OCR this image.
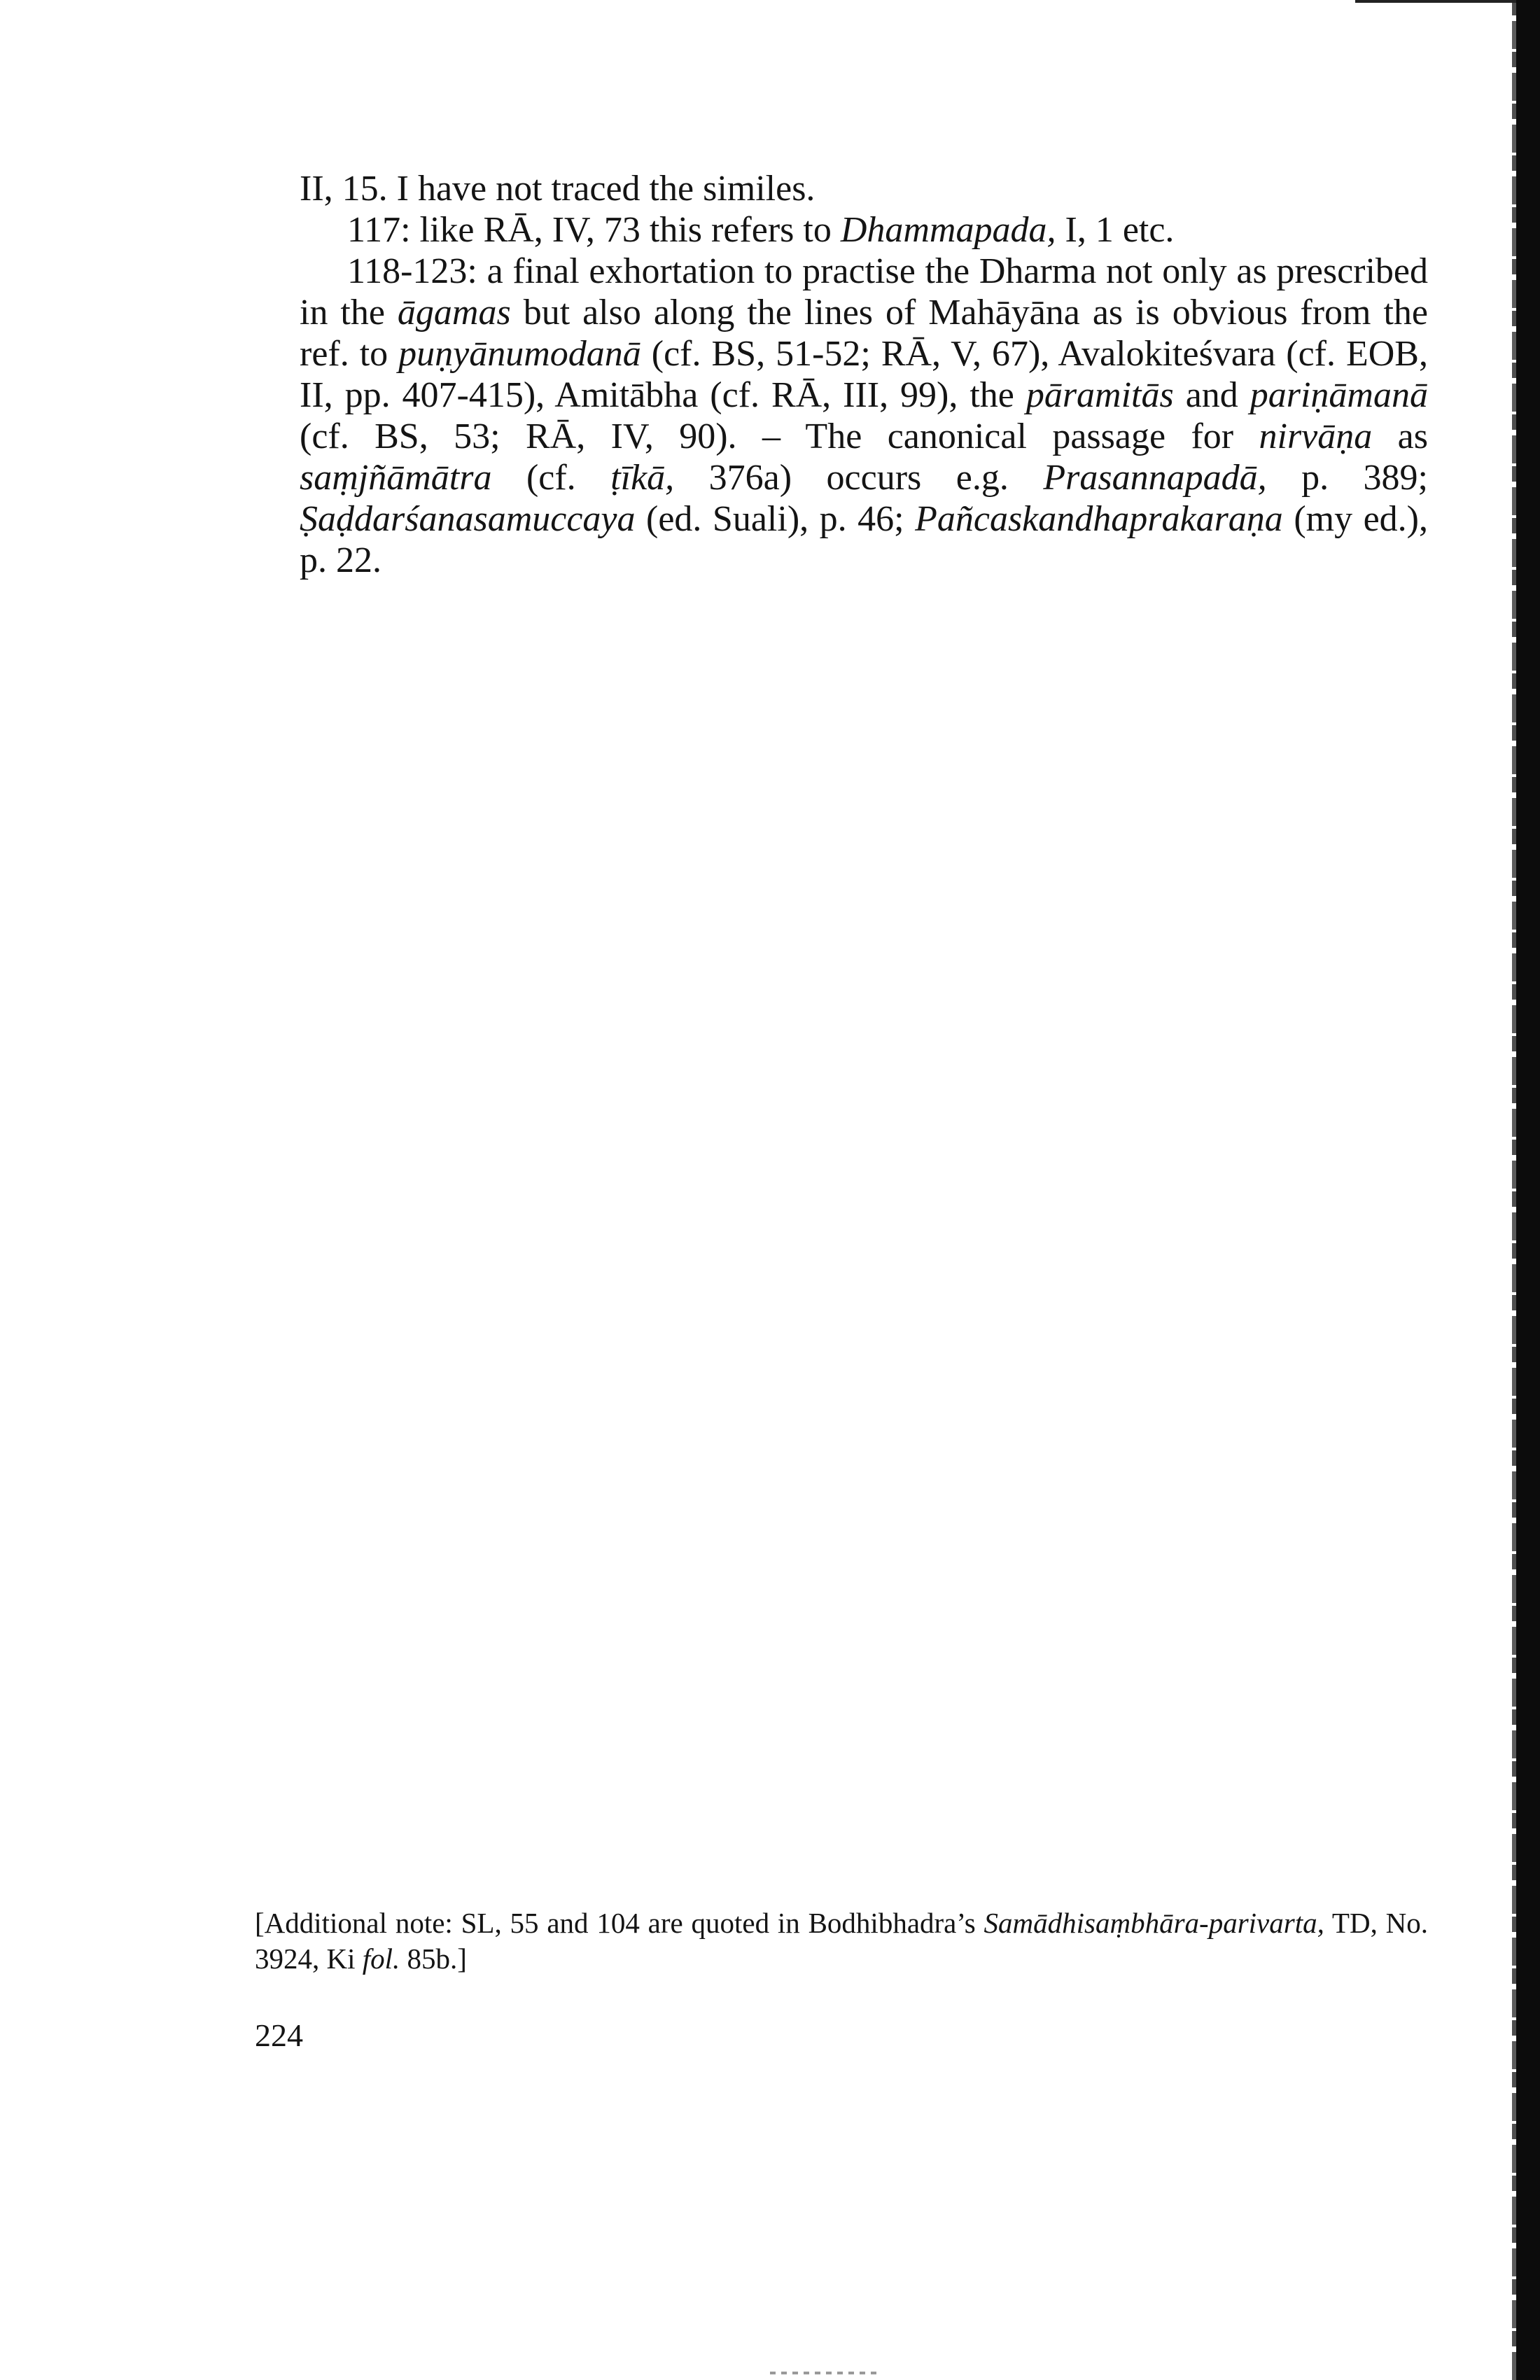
II, 15. I have not traced the similes.

117: like RĀ, IV, 73 this refers to Dhammapada, I, 1 etc.

118-123: a final exhortation to practise the Dharma not only as prescribed in the āgamas but also along the lines of Mahāyāna as is obvious from the ref. to puṇyānumodanā (cf. BS, 51-52; RĀ, V, 67), Avalokiteśvara (cf. EOB, II, pp. 407-415), Amitābha (cf. RĀ, III, 99), the pāramitās and pariṇāmanā (cf. BS, 53; RĀ, IV, 90). – The canonical passage for nirvāṇa as saṃjñāmātra (cf. ṭīkā, 376a) occurs e.g. Prasannapadā, p. 389; Ṣaḍdarśanasamuccaya (ed. Suali), p. 46; Pañcaskandhaprakaraṇa (my ed.), p. 22.

[Additional note: SL, 55 and 104 are quoted in Bodhibhadra’s Samādhisaṃbhāra-parivarta, TD, No. 3924, Ki fol. 85b.]

224
